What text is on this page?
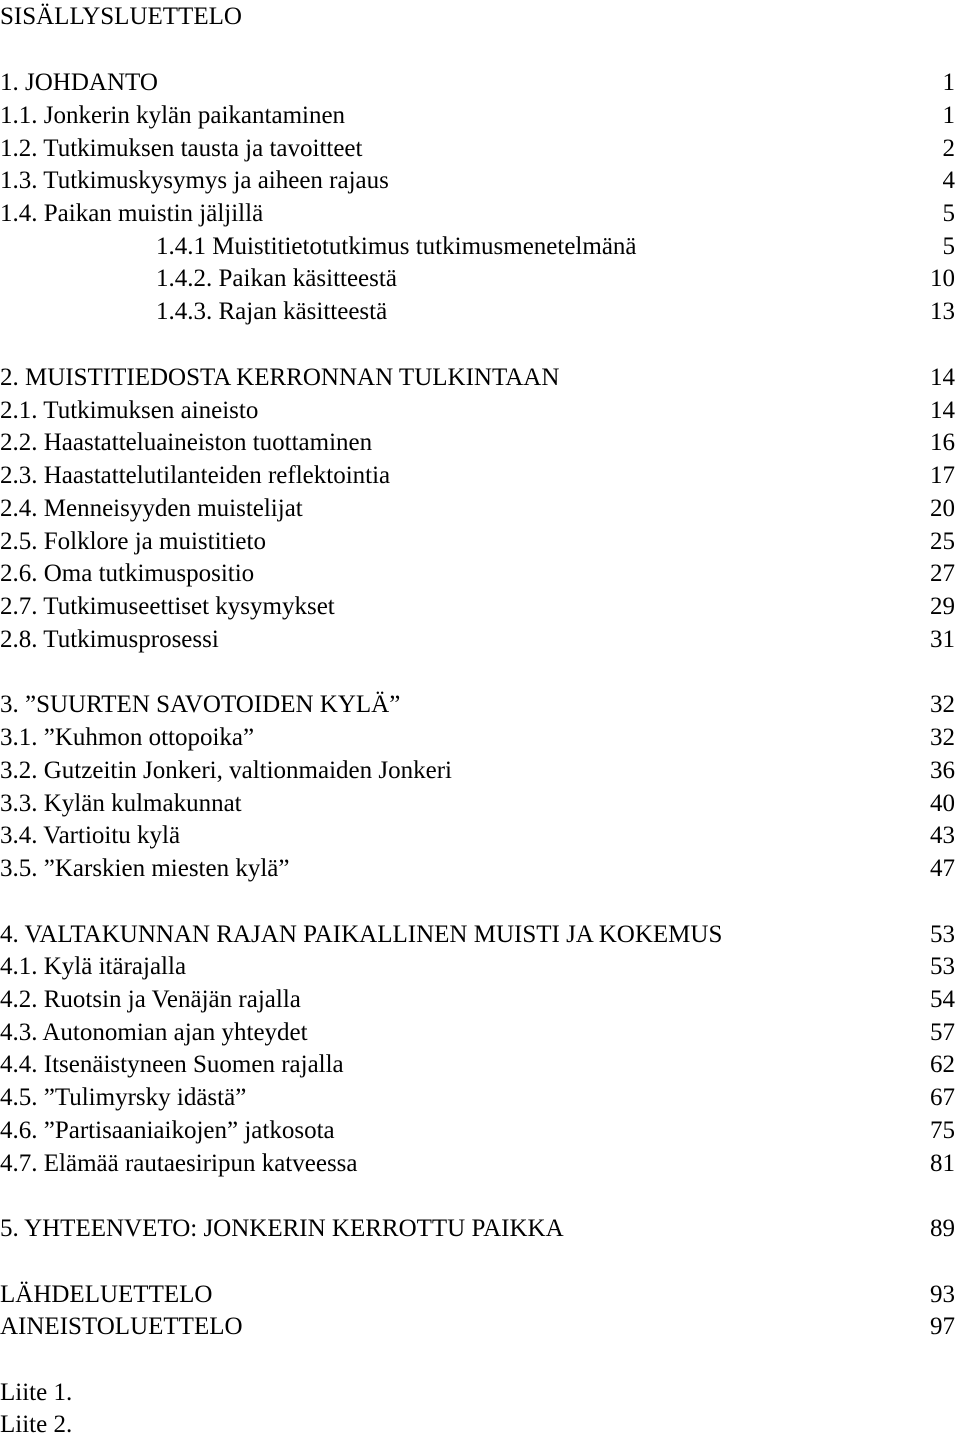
SISÄLLYSLUETTELO
1. JOHDANTO	1
1.1. Jonkerin kylän paikantaminen	1
1.2. Tutkimuksen tausta ja tavoitteet	2
1.3. Tutkimuskysymys ja aiheen rajaus	4
1.4. Paikan muistin jäljillä	5
1.4.1 Muistitietotutkimus tutkimusmenetelmänä	5
1.4.2. Paikan käsitteestä	10
1.4.3. Rajan käsitteestä	13
2. MUISTITIEDOSTA KERRONNAN TULKINTAAN	14
2.1. Tutkimuksen aineisto	14
2.2. Haastatteluaineiston tuottaminen	16
2.3. Haastattelutilanteiden reflektointia	17
2.4. Menneisyyden muistelijat	20
2.5. Folklore ja muistitieto	25
2.6. Oma tutkimuspositio	27
2.7. Tutkimuseettiset kysymykset	29
2.8. Tutkimusprosessi	31
3. ”SUURTEN SAVOTOIDEN KYLÄ”	32
3.1. ”Kuhmon ottopoika”	32
3.2. Gutzeitin Jonkeri, valtionmaiden Jonkeri	36
3.3. Kylän kulmakunnat	40
3.4. Vartioitu kylä	43
3.5. ”Karskien miesten kylä”	47
4. VALTAKUNNAN RAJAN PAIKALLINEN MUISTI JA KOKEMUS	53
4.1. Kylä itärajalla	53
4.2. Ruotsin ja Venäjän rajalla	54
4.3. Autonomian ajan yhteydet	57
4.4. Itsenäistyneen Suomen rajalla	62
4.5. ”Tulimyrsky idästä”	67
4.6. ”Partisaaniaikojen” jatkosota	75
4.7. Elämää rautaesiripun katveessa	81
5. YHTEENVETO: JONKERIN KERROTTU PAIKKA	89
LÄHDELUETTELO	93
AINEISTOLUETTELO	97
Liite 1.
Liite 2.
